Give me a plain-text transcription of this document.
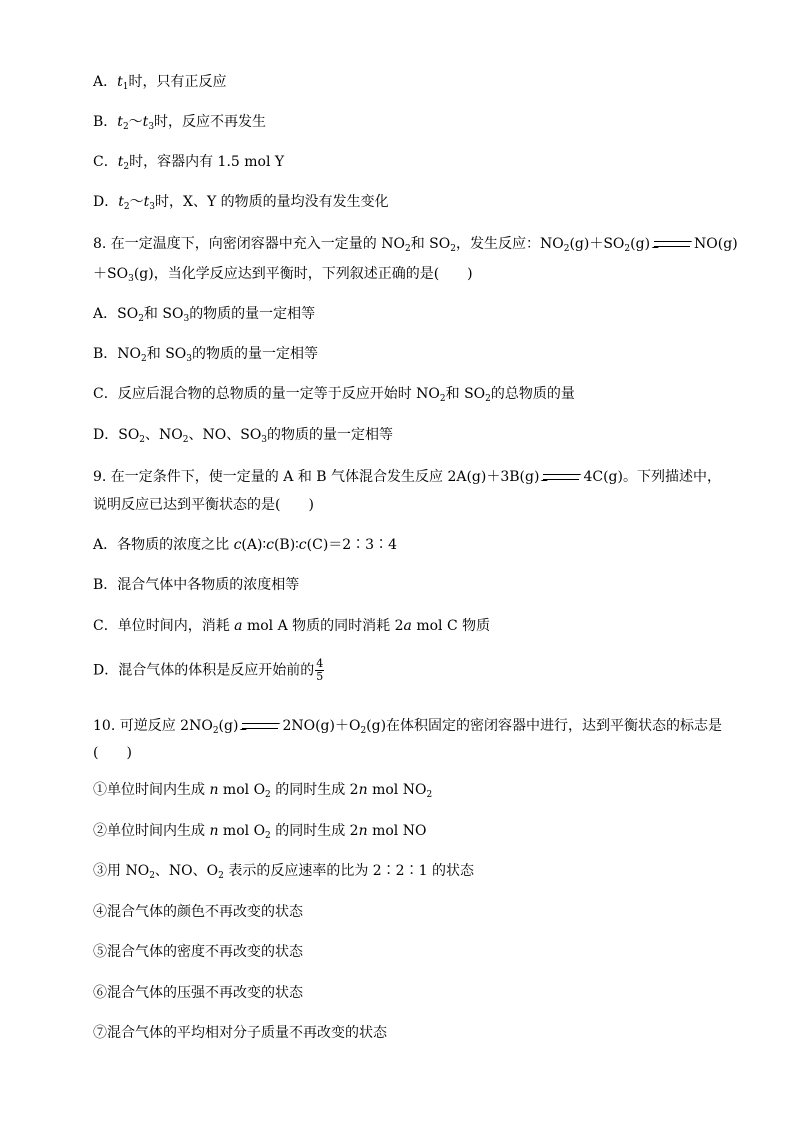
A．$t_1$时，只有正反应
B．$t_2\sim t_3$时，反应不再发生
C．$t_2$时，容器内有 1.5 mol Y
D．$t_2\sim t_3$时，X、Y 的物质的量均没有发生变化
8. 在一定温度下，向密闭容器中充入一定量的 $NO_2$和 $SO_2$，发生反应：$NO_2(g)+SO_2(g)$	NO(g)
$+SO_3(g)$，当化学反应达到平衡时，下列叙述正确的是(　　)
A．$SO_2$和 $SO_3$的物质的量一定相等
B．$NO_2$和 $SO_3$的物质的量一定相等
C．反应后混合物的总物质的量一定等于反应开始时 $NO_2$和 $SO_2$的总物质的量
D．$SO_2$、$NO_2$、NO、$SO_3$的物质的量一定相等
9. 在一定条件下，使一定量的 A 和 B 气体混合发生反应 2A(g)＋3B(g)	4C(g)。下列描述中，
说明反应已达到平衡状态的是(　　)
A．各物质的浓度之比 c(A)∶c(B)∶c(C)＝2∶3∶4
B．混合气体中各物质的浓度相等
C．单位时间内，消耗 a mol A 物质的同时消耗 2a mol C 物质
D．混合气体的体积是反应开始前的 $\frac{4}{5}$
10. 可逆反应 $2NO_2(g)$	$2NO(g)+O_2(g)$在体积固定的密闭容器中进行，达到平衡状态的标志是
(　　)
①单位时间内生成 n mol $O_2$ 的同时生成 2n mol $NO_2$
②单位时间内生成 n mol $O_2$ 的同时生成 2n mol NO
③用 $NO_2$、NO、$O_2$ 表示的反应速率的比为 2∶2∶1 的状态
④混合气体的颜色不再改变的状态
⑤混合气体的密度不再改变的状态
⑥混合气体的压强不再改变的状态
⑦混合气体的平均相对分子质量不再改变的状态
